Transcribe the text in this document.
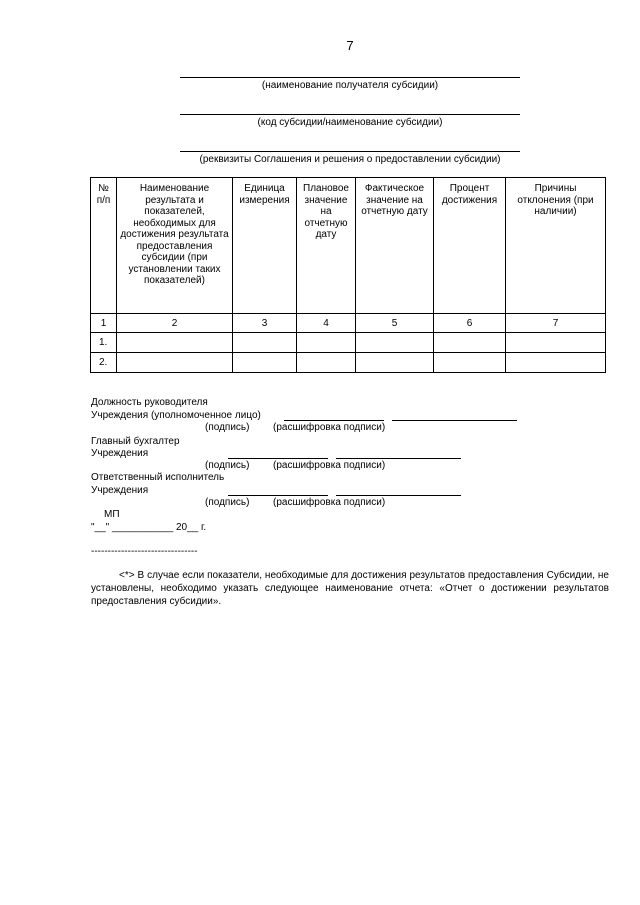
7
(наименование получателя субсидии)
(код субсидии/наименование субсидии)
(реквизиты Соглашения и решения о предоставлении субсидии)
№ п/п	Наименование результата и показателей, необходимых для достижения результата предоставления субсидии (при установлении таких показателей)	Единица измерения	Плановое значение на отчетную дату	Фактическое значение на отчетную дату	Процент достижения	Причины отклонения (при наличии)
1	2	3	4	5	6	7
1.						
2.						
Должность руководителя
Учреждения (уполномоченное лицо)
(подпись) (расшифровка подписи)
Главный бухгалтер
Учреждения
(подпись) (расшифровка подписи)
Ответственный исполнитель
Учреждения
(подпись) (расшифровка подписи)
МП
"__" ___________ 20__ г.
--------------------------------
<*> В случае если показатели, необходимые для достижения результатов предоставления Субсидии, не установлены, необходимо указать следующее наименование отчета: «Отчет о достижении результатов предоставления субсидии».
